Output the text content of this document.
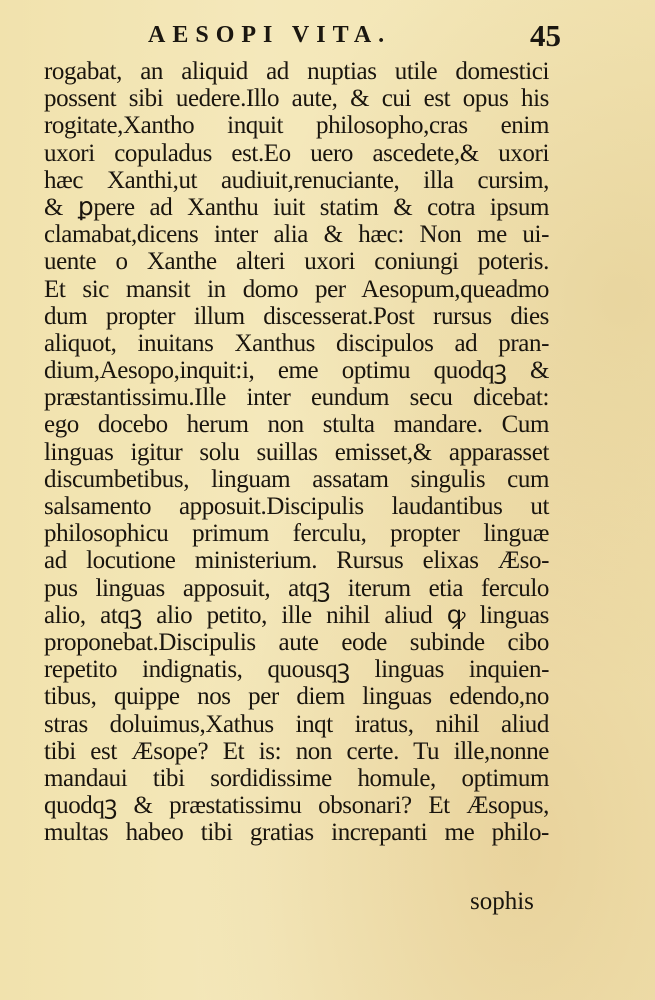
AESOPI VITA.	45
rogabat, an aliquid ad nuptias utile domestici
possent sibi uedere.Illo aute, & cui est opus his
rogitate,Xantho inquit philosopho,cras enim
uxori copuladus est.Eo uero ascedete,& uxori
hæc Xanthi,ut audiuit,renuciante, illa cursim,
& ꝑpere ad Xanthu iuit statim & cotra ipsum
clamabat,dicens inter alia & hæc: Non me ui-
uente o Xanthe alteri uxori coniungi poteris.
Et sic mansit in domo per Aesopum,queadmo
dum propter illum discesserat.Post rursus dies
aliquot, inuitans Xanthus discipulos ad pran-
dium,Aesopo,inquit:i, eme optimu quodqꝫ &
præstantissimu.Ille inter eundum secu dicebat:
ego docebo herum non stulta mandare. Cum
linguas igitur solu suillas emisset,& apparasset
discumbetibus, linguam assatam singulis cum
salsamento apposuit.Discipulis laudantibus ut
philosophicu primum ferculu, propter linguæ
ad locutione ministerium. Rursus elixas Æso-
pus linguas apposuit, atqꝫ iterum etia ferculo
alio, atqꝫ alio petito, ille nihil aliud ꝙ linguas
proponebat.Discipulis aute eode subinde cibo
repetito indignatis, quousqꝫ linguas inquien-
tibus, quippe nos per diem linguas edendo,no
stras doluimus,Xathus inqt iratus, nihil aliud
tibi est Æsope? Et is: non certe. Tu ille,nonne
mandaui tibi sordidissime homule, optimum
quodqꝫ & præstatissimu obsonari? Et Æsopus,
multas habeo tibi gratias increpanti me philo-
sophis
